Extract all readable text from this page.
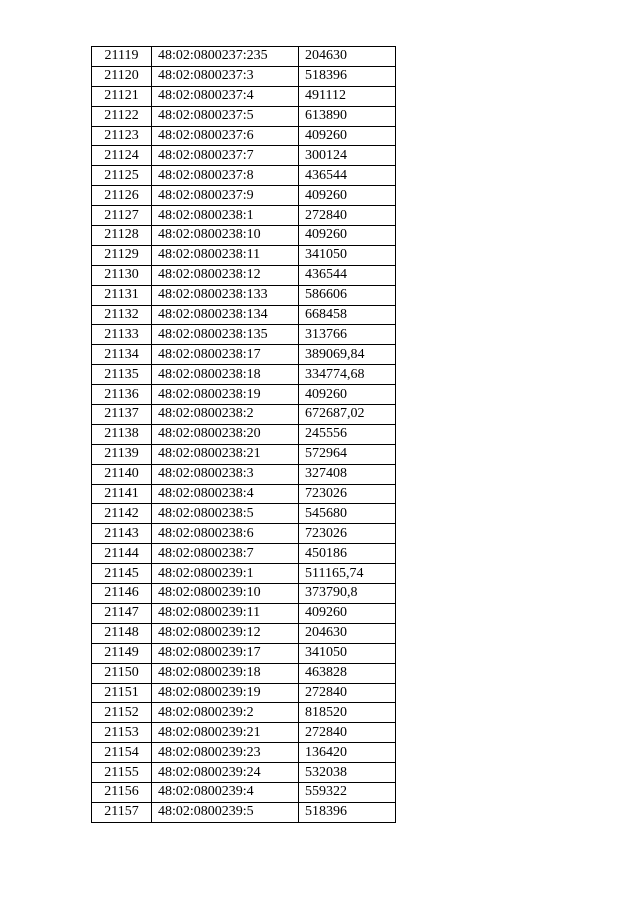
21119	48:02:0800237:235	204630
21120	48:02:0800237:3	518396
21121	48:02:0800237:4	491112
21122	48:02:0800237:5	613890
21123	48:02:0800237:6	409260
21124	48:02:0800237:7	300124
21125	48:02:0800237:8	436544
21126	48:02:0800237:9	409260
21127	48:02:0800238:1	272840
21128	48:02:0800238:10	409260
21129	48:02:0800238:11	341050
21130	48:02:0800238:12	436544
21131	48:02:0800238:133	586606
21132	48:02:0800238:134	668458
21133	48:02:0800238:135	313766
21134	48:02:0800238:17	389069,84
21135	48:02:0800238:18	334774,68
21136	48:02:0800238:19	409260
21137	48:02:0800238:2	672687,02
21138	48:02:0800238:20	245556
21139	48:02:0800238:21	572964
21140	48:02:0800238:3	327408
21141	48:02:0800238:4	723026
21142	48:02:0800238:5	545680
21143	48:02:0800238:6	723026
21144	48:02:0800238:7	450186
21145	48:02:0800239:1	511165,74
21146	48:02:0800239:10	373790,8
21147	48:02:0800239:11	409260
21148	48:02:0800239:12	204630
21149	48:02:0800239:17	341050
21150	48:02:0800239:18	463828
21151	48:02:0800239:19	272840
21152	48:02:0800239:2	818520
21153	48:02:0800239:21	272840
21154	48:02:0800239:23	136420
21155	48:02:0800239:24	532038
21156	48:02:0800239:4	559322
21157	48:02:0800239:5	518396
